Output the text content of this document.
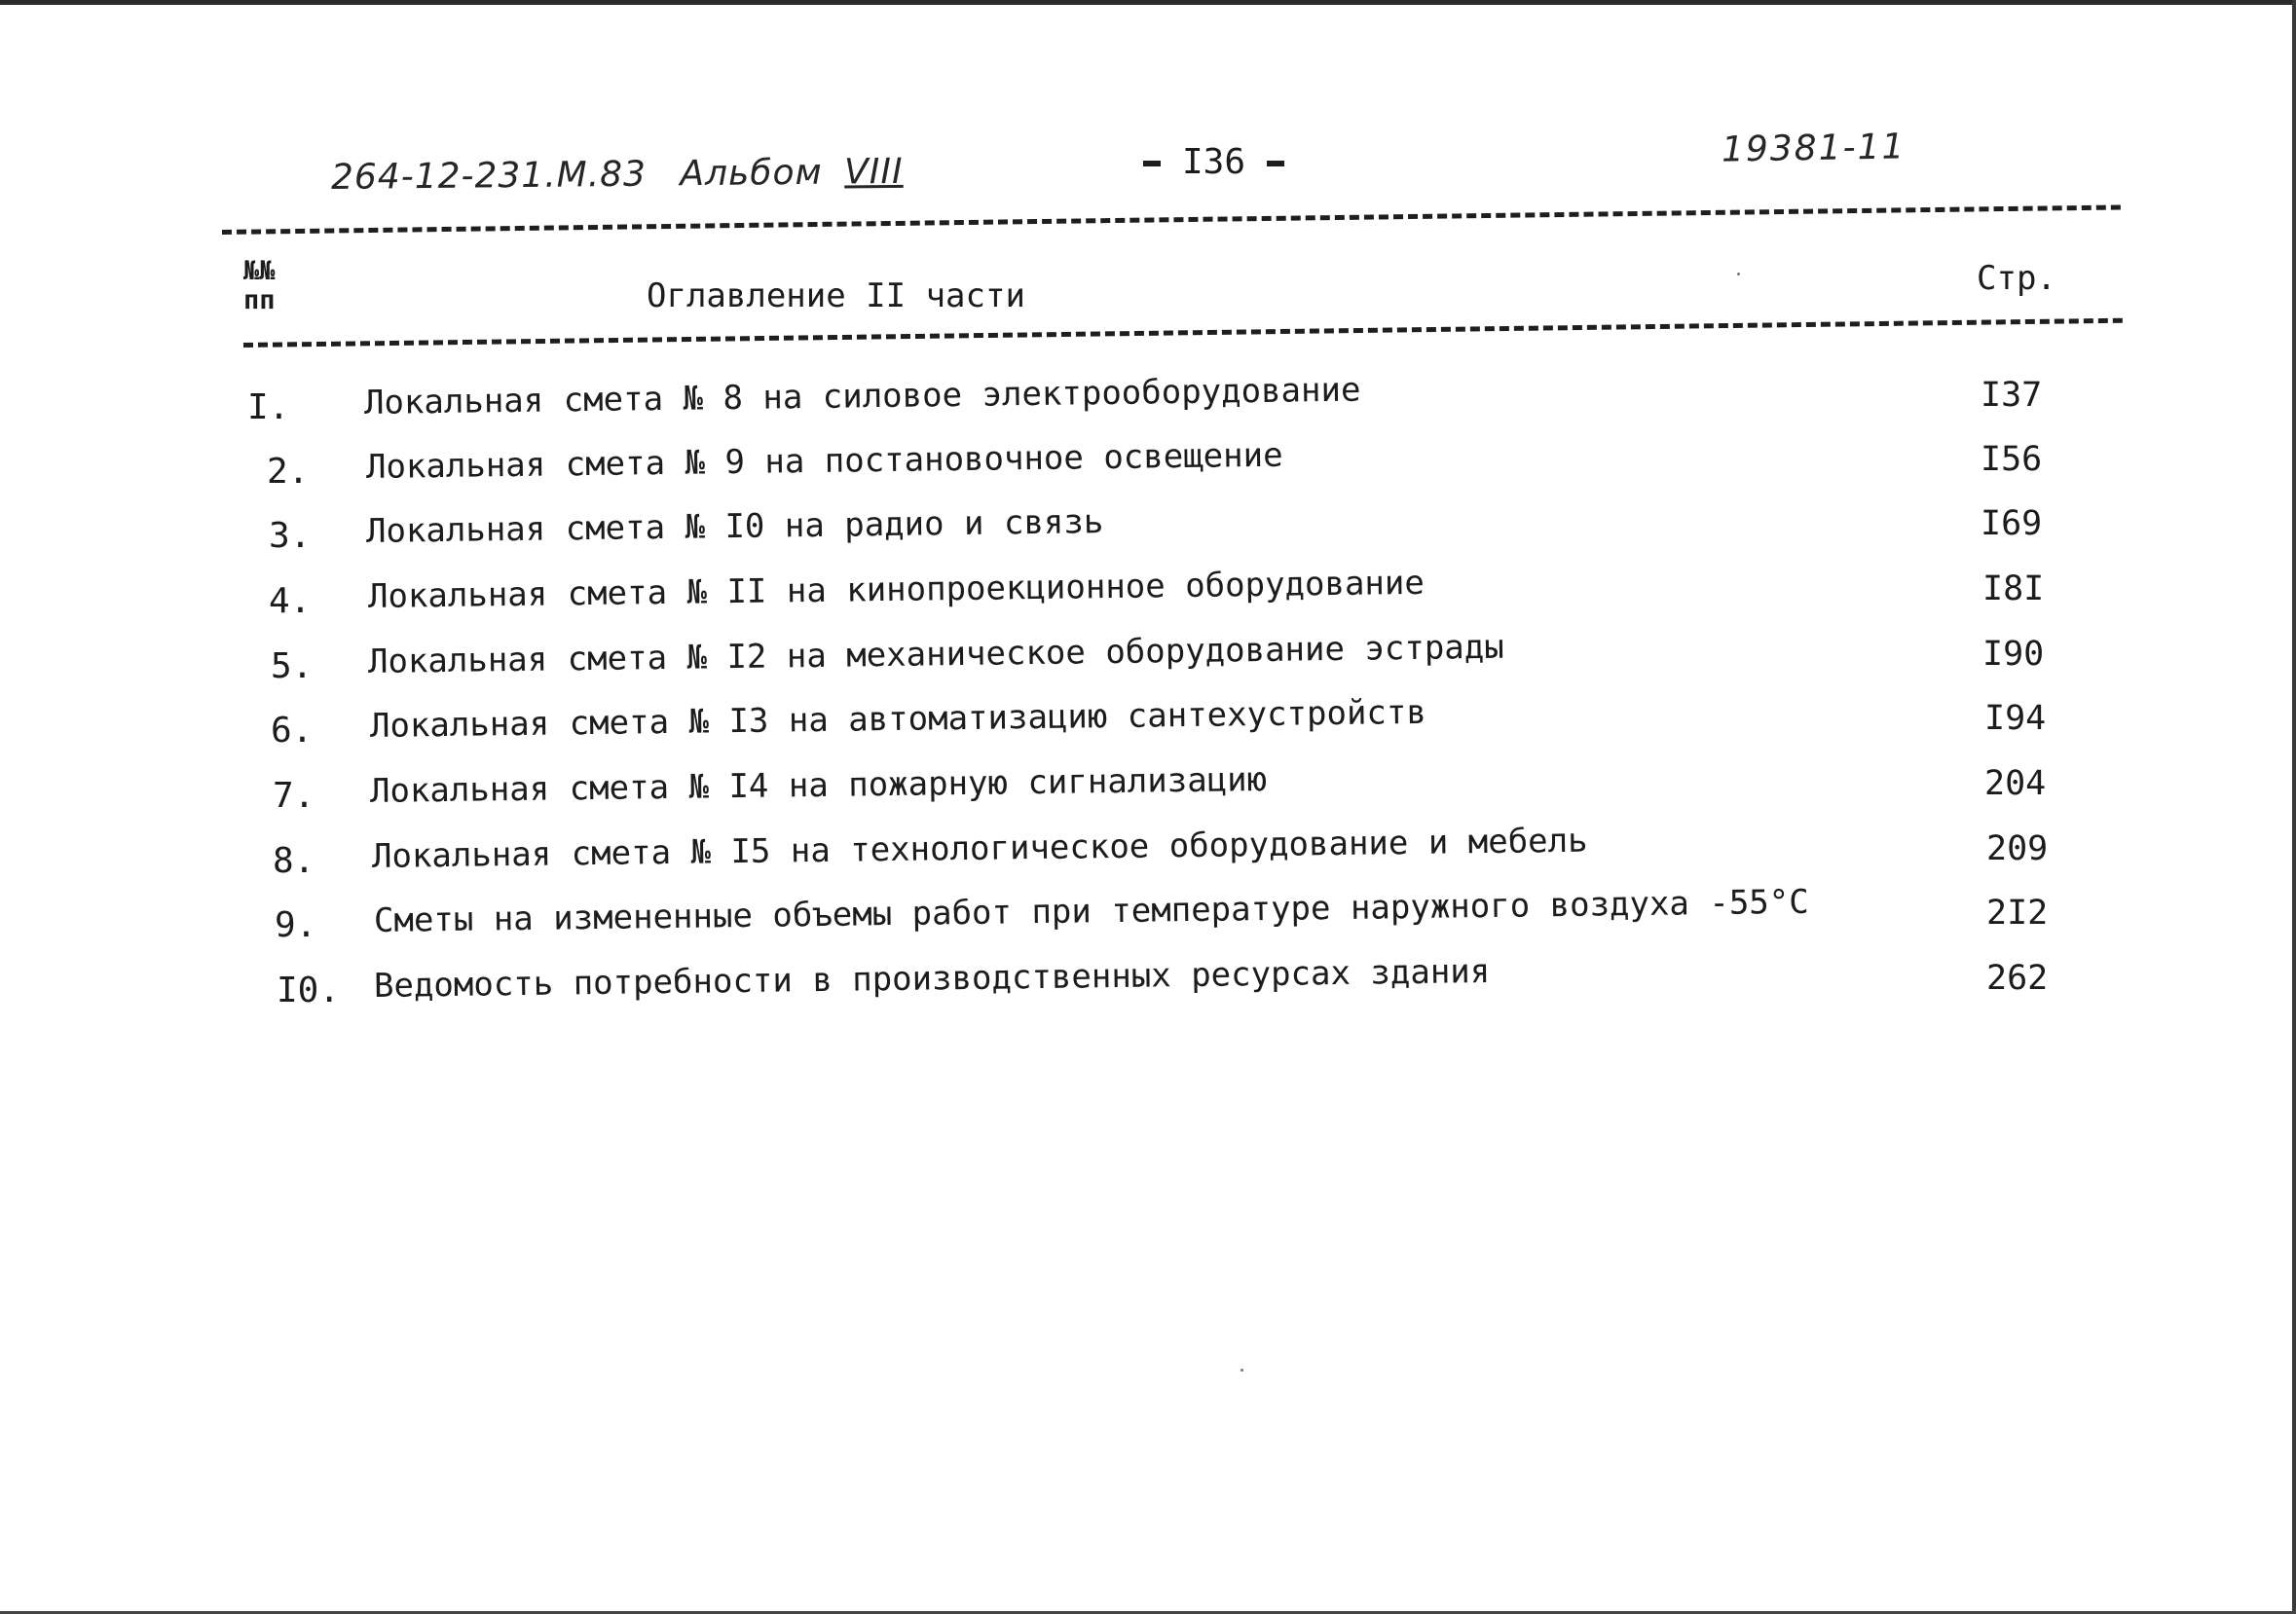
264-12-231.М.83 Альбом VIII	I36	19381-11
№№
пп	Оглавление II части	Стр.
I. Локальная смета № 8 на силовое электрооборудование	I37
2. Локальная смета № 9 на постановочное освещение	I56
3. Локальная смета № I0 на радио и связь	I69
4. Локальная смета № II на кинопроекционное оборудование	I8I
5. Локальная смета № I2 на механическое оборудование эстрады	I90
6. Локальная смета № I3 на автоматизацию сантехустройств	I94
7. Локальная смета № I4 на пожарную сигнализацию	204
8. Локальная смета № I5 на технологическое оборудование и мебель	209
9. Сметы на измененные объемы работ при температуре наружного воздуха -55°С	2I2
I0. Ведомость потребности в производственных ресурсах здания	262
